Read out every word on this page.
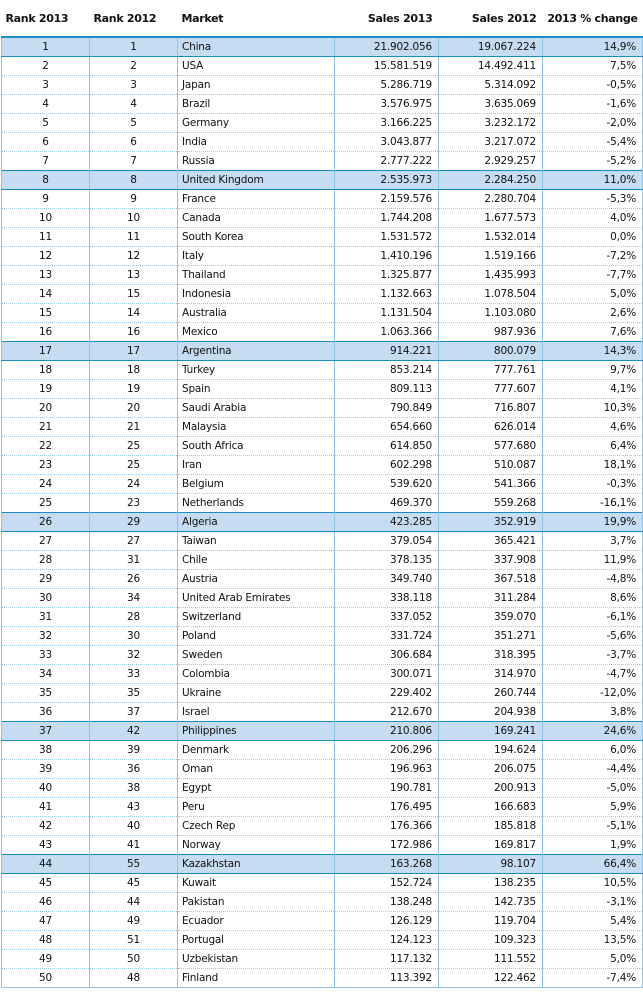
Rank 2013	Rank 2012	Market	Sales 2013	Sales 2012	2013 % change
1	1	China	21.902.056	19.067.224	14,9%
2	2	USA	15.581.519	14.492.411	7,5%
3	3	Japan	5.286.719	5.314.092	-0,5%
4	4	Brazil	3.576.975	3.635.069	-1,6%
5	5	Germany	3.166.225	3.232.172	-2,0%
6	6	India	3.043.877	3.217.072	-5,4%
7	7	Russia	2.777.222	2.929.257	-5,2%
8	8	United Kingdom	2.535.973	2.284.250	11,0%
9	9	France	2.159.576	2.280.704	-5,3%
10	10	Canada	1.744.208	1.677.573	4,0%
11	11	South Korea	1.531.572	1.532.014	0,0%
12	12	Italy	1.410.196	1.519.166	-7,2%
13	13	Thailand	1.325.877	1.435.993	-7,7%
14	15	Indonesia	1.132.663	1.078.504	5,0%
15	14	Australia	1.131.504	1.103.080	2,6%
16	16	Mexico	1.063.366	987.936	7,6%
17	17	Argentina	914.221	800.079	14,3%
18	18	Turkey	853.214	777.761	9,7%
19	19	Spain	809.113	777.607	4,1%
20	20	Saudi Arabia	790.849	716.807	10,3%
21	21	Malaysia	654.660	626.014	4,6%
22	25	South Africa	614.850	577.680	6,4%
23	25	Iran	602.298	510.087	18,1%
24	24	Belgium	539.620	541.366	-0,3%
25	23	Netherlands	469.370	559.268	-16,1%
26	29	Algeria	423.285	352.919	19,9%
27	27	Taiwan	379.054	365.421	3,7%
28	31	Chile	378.135	337.908	11,9%
29	26	Austria	349.740	367.518	-4,8%
30	34	United Arab Emirates	338.118	311.284	8,6%
31	28	Switzerland	337.052	359.070	-6,1%
32	30	Poland	331.724	351.271	-5,6%
33	32	Sweden	306.684	318.395	-3,7%
34	33	Colombia	300.071	314.970	-4,7%
35	35	Ukraine	229.402	260.744	-12,0%
36	37	Israel	212.670	204.938	3,8%
37	42	Philippines	210.806	169.241	24,6%
38	39	Denmark	206.296	194.624	6,0%
39	36	Oman	196.963	206.075	-4,4%
40	38	Egypt	190.781	200.913	-5,0%
41	43	Peru	176.495	166.683	5,9%
42	40	Czech Rep	176.366	185.818	-5,1%
43	41	Norway	172.986	169.817	1,9%
44	55	Kazakhstan	163.268	98.107	66,4%
45	45	Kuwait	152.724	138.235	10,5%
46	44	Pakistan	138.248	142.735	-3,1%
47	49	Ecuador	126.129	119.704	5,4%
48	51	Portugal	124.123	109.323	13,5%
49	50	Uzbekistan	117.132	111.552	5,0%
50	48	Finland	113.392	122.462	-7,4%
